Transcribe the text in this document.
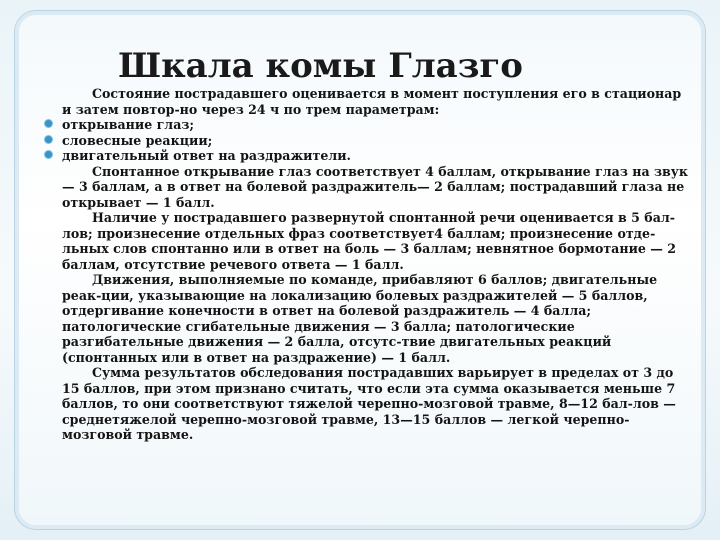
Шкала комы Глазго

Состояние пострадавшего оценивается в момент поступления его в стационар и затем повтор-но через 24 ч по трем параметрам:

открывание глаз;
словесные реакции;
двигательный ответ на раздражители.

Спонтанное открывание глаз соответствует 4 баллам, открывание глаз на звук— 3 баллам, а в ответ на болевой раздражитель— 2 баллам; пострадавший глаза не открывает — 1 балл.

Наличие у пострадавшего развернутой спонтанной речи оценивается в 5 бал-лов; произнесение отдельных фраз соответствует4 баллам; произнесение отде-льных слов спонтанно или в ответ на боль — 3 баллам; невнятное бормотание — 2 баллам, отсутствие речевого ответа — 1 балл.

Движения, выполняемые по команде, прибавляют 6 баллов; двигательные реак-ции, указывающие на локализацию болевых раздражителей — 5 баллов, отдергивание конечности в ответ на болевой раздражитель — 4 балла; патологические сгибательные движения — 3 балла; патологические разгибательные движения — 2 балла, отсутс-твие двигательных реакций (спонтанных или в ответ на раздражение) — 1 балл.

Сумма результатов обследования пострадавших варьирует в пределах от 3 до 15 баллов, при этом признано считать, что если эта сумма оказывается меньше 7 баллов, то они соответствуют тяжелой черепно-мозговой травме, 8—12 бал-лов — среднетяжелой черепно-мозговой травме, 13—15 баллов — легкой черепно-мозговой травме.
